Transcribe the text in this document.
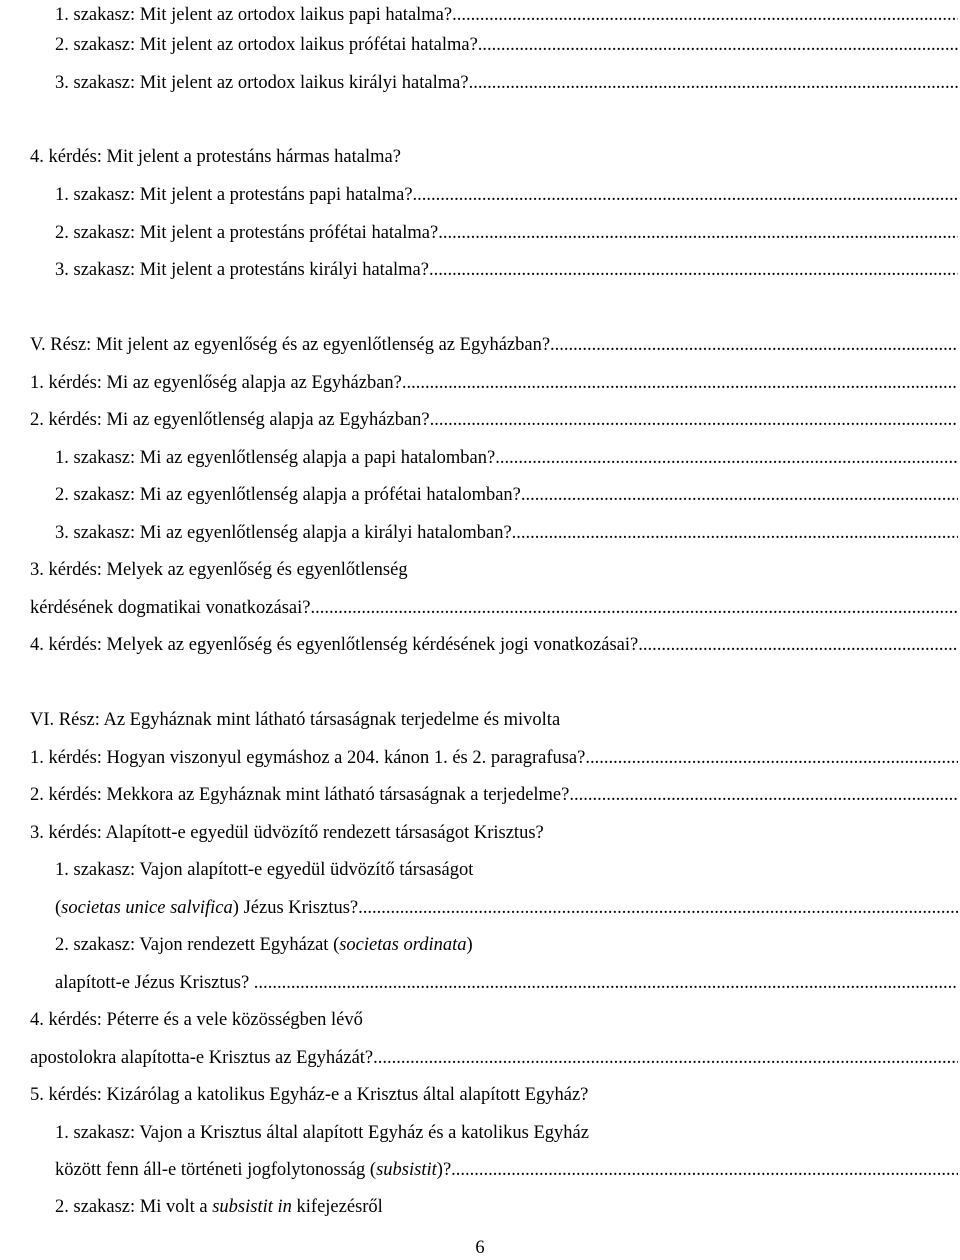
1. szakasz: Mit jelent az ortodox laikus papi hatalma?
.....
2. szakasz: Mit jelent az ortodox laikus prófétai hatalma?
.....
3. szakasz: Mit jelent az ortodox laikus királyi hatalma?
.....
4. kérdés: Mit jelent a protestáns hármas hatalma?
1. szakasz: Mit jelent a protestáns papi hatalma?...
.....
2. szakasz: Mit jelent a protestáns prófétai hatalma?...
.....
3. szakasz: Mit jelent a protestáns királyi hatalma?...
.....
V. Rész: Mit jelent az egyenlőség és az egyenlőtlenség az Egyházban?...
.....
1. kérdés: Mi az egyenlőség alapja az Egyházban?...
.....
2. kérdés: Mi az egyenlőtlenség alapja az Egyházban?...
.....
1. szakasz: Mi az egyenlőtlenség alapja a papi hatalomban?...
.....
2. szakasz: Mi az egyenlőtlenség alapja a prófétai hatalomban?...
.....
3. szakasz: Mi az egyenlőtlenség alapja a királyi hatalomban?...
.....
3. kérdés: Melyek az egyenlőség és egyenlőtlenség
kérdésének dogmatikai vonatkozásai?...
.....
4. kérdés: Melyek az egyenlőség és egyenlőtlenség kérdésének jogi vonatkozásai?...
.....
VI. Rész: Az Egyháznak mint látható társaságnak terjedelme és mivolta
1. kérdés: Hogyan viszonyul egymáshoz a 204. kánon 1. és 2. paragrafusa?...
.....
2. kérdés: Mekkora az Egyháznak mint látható társaságnak a terjedelme?...
.....
3. kérdés: Alapított-e egyedül üdvözítő rendezett társaságot Krisztus?
1. szakasz: Vajon alapított-e egyedül üdvözítő társaságot
(societas unice salvifica) Jézus Krisztus?...
.....
2. szakasz: Vajon rendezett Egyházat (societas ordinata)
alapított-e Jézus Krisztus? ...
.....
4. kérdés: Péterre és a vele közösségben lévő
apostolokra alapította-e Krisztus az Egyházát?...
.....
5. kérdés: Kizárólag a katolikus Egyház-e a Krisztus által alapított Egyház?
1. szakasz: Vajon a Krisztus által alapított Egyház és a katolikus Egyház
között fenn áll-e történeti jogfolytonosság (subsistit)?...
.....
2. szakasz: Mi volt a subsistit in kifejezésről
6
